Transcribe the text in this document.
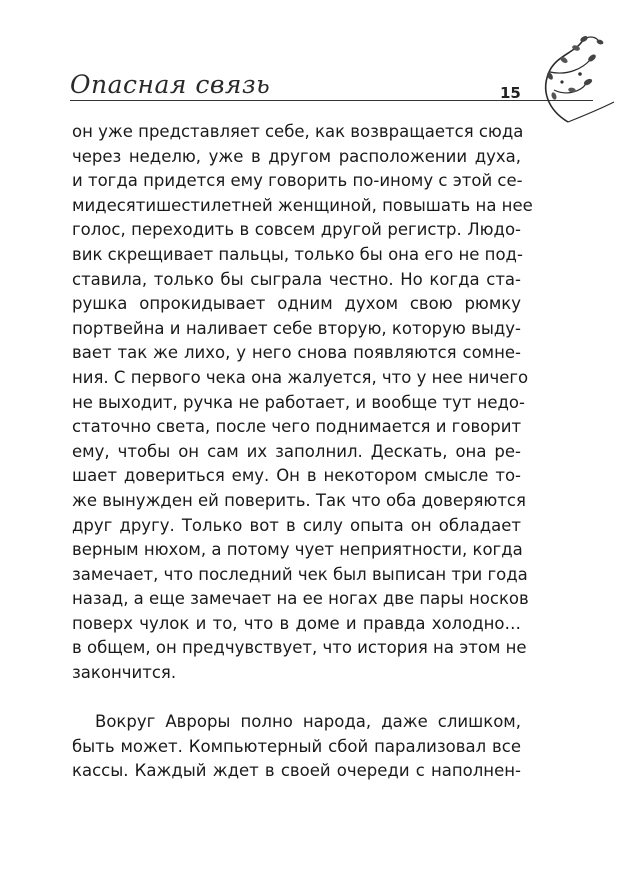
Опасная связь	15
он уже представляет себе, как возвращается сюда
через неделю, уже в другом расположении духа,
и тогда придется ему говорить по-иному с этой се-
мидесятишестилетней женщиной, повышать на нее
голос, переходить в совсем другой регистр. Людо-
вик скрещивает пальцы, только бы она его не под-
ставила, только бы сыграла честно. Но когда ста-
рушка опрокидывает одним духом свою рюмку
портвейна и наливает себе вторую, которую выду-
вает так же лихо, у него снова появляются сомне-
ния. С первого чека она жалуется, что у нее ничего
не выходит, ручка не работает, и вообще тут недо-
статочно света, после чего поднимается и говорит
ему, чтобы он сам их заполнил. Дескать, она ре-
шает довериться ему. Он в некотором смысле то-
же вынужден ей поверить. Так что оба доверяются
друг другу. Только вот в силу опыта он обладает
верным нюхом, а потому чует неприятности, когда
замечает, что последний чек был выписан три года
назад, а еще замечает на ее ногах две пары носков
поверх чулок и то, что в доме и правда холодно…
в общем, он предчувствует, что история на этом не
закончится.
Вокруг Авроры полно народа, даже слишком,
быть может. Компьютерный сбой парализовал все
кассы. Каждый ждет в своей очереди с наполнен-
